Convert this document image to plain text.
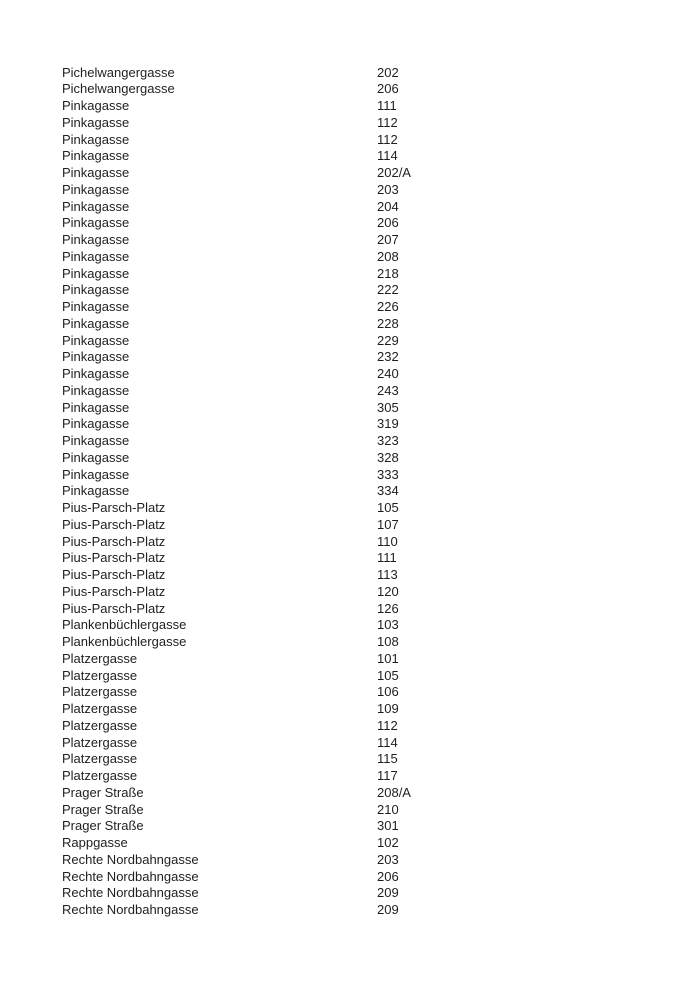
Pichelwangergasse	202
Pichelwangergasse	206
Pinkagasse	111
Pinkagasse	112
Pinkagasse	112
Pinkagasse	114
Pinkagasse	202/A
Pinkagasse	203
Pinkagasse	204
Pinkagasse	206
Pinkagasse	207
Pinkagasse	208
Pinkagasse	218
Pinkagasse	222
Pinkagasse	226
Pinkagasse	228
Pinkagasse	229
Pinkagasse	232
Pinkagasse	240
Pinkagasse	243
Pinkagasse	305
Pinkagasse	319
Pinkagasse	323
Pinkagasse	328
Pinkagasse	333
Pinkagasse	334
Pius-Parsch-Platz	105
Pius-Parsch-Platz	107
Pius-Parsch-Platz	110
Pius-Parsch-Platz	111
Pius-Parsch-Platz	113
Pius-Parsch-Platz	120
Pius-Parsch-Platz	126
Plankenbüchlergasse	103
Plankenbüchlergasse	108
Platzergasse	101
Platzergasse	105
Platzergasse	106
Platzergasse	109
Platzergasse	112
Platzergasse	114
Platzergasse	115
Platzergasse	117
Prager Straße	208/A
Prager Straße	210
Prager Straße	301
Rappgasse	102
Rechte Nordbahngasse	203
Rechte Nordbahngasse	206
Rechte Nordbahngasse	209
Rechte Nordbahngasse	209
